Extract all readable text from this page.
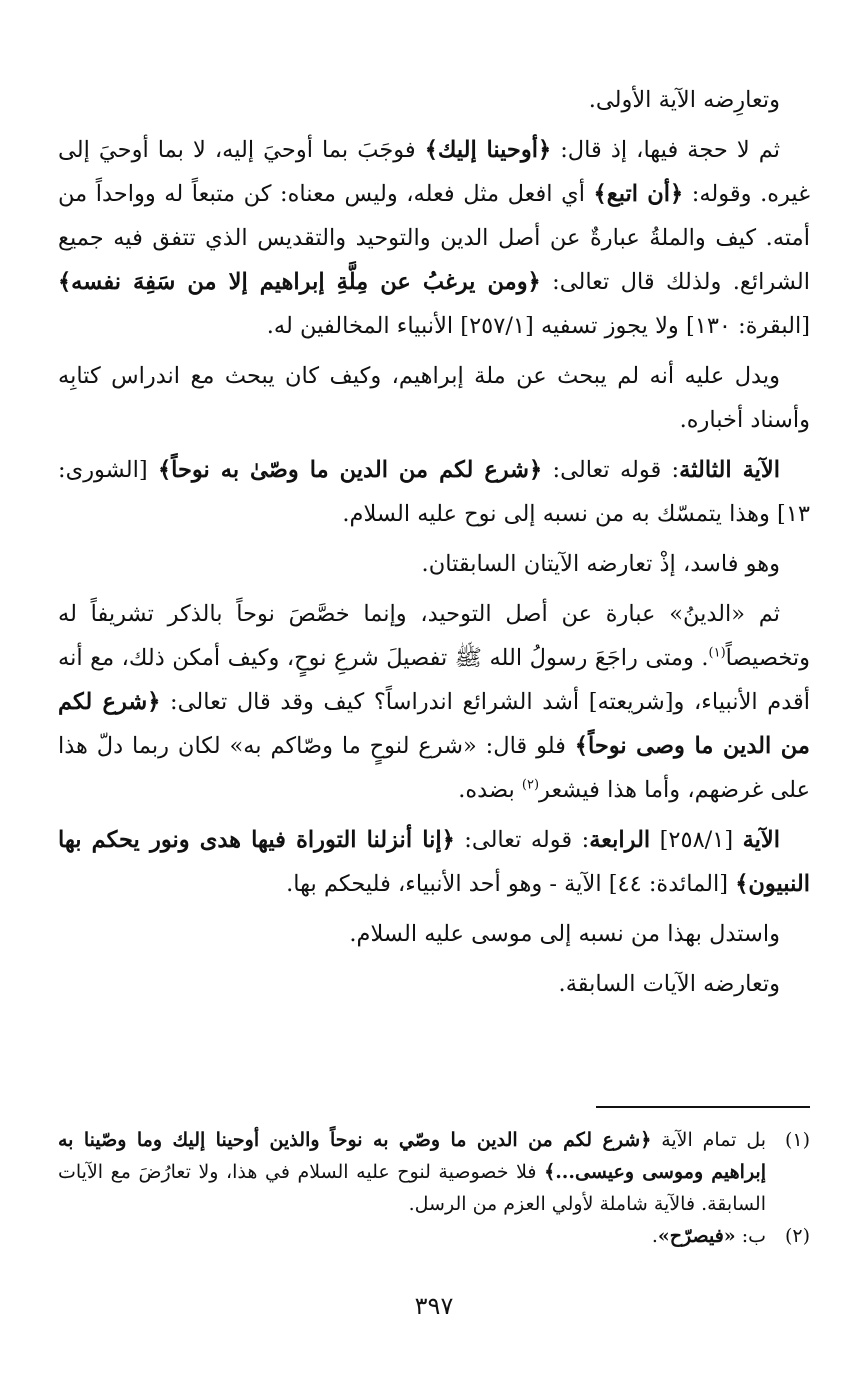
وتعارِضه الآية الأولى.

ثم لا حجة فيها، إذ قال: ﴿أوحينا إليك﴾ فوجَبَ بما أوحيَ إليه، لا بما أوحيَ إلى غيره. وقوله: ﴿أن اتبع﴾ أي افعل مثل فعله، وليس معناه: كن متبعاً له وواحداً من أمته. كيف والملةُ عبارةٌ عن أصل الدين والتوحيد والتقديس الذي تتفق فيه جميع الشرائع. ولذلك قال تعالى: ﴿ومن يرغبُ عن مِلَّةِ إبراهيم إلا من سَفِهَ نفسه﴾ [البقرة: ١٣٠] ولا يجوز تسفيه [٢٥٧/١] الأنبياء المخالفين له.

ويدل عليه أنه لم يبحث عن ملة إبراهيم، وكيف كان يبحث مع اندراس كتابِه وأسناد أخباره.

الآية الثالثة: قوله تعالى: ﴿شرع لكم من الدين ما وصّىٰ به نوحاً﴾ [الشورى: ١٣] وهذا يتمسّك به من نسبه إلى نوح عليه السلام.

وهو فاسد، إذْ تعارضه الآيتان السابقتان.

ثم «الدينُ» عبارة عن أصل التوحيد، وإنما خصَّصَ نوحاً بالذكر تشريفاً له وتخصيصاً$^{(١)}$. ومتى راجَعَ رسولُ الله ﷺ تفصيلَ شرعِ نوحٍ، وكيف أمكن ذلك، مع أنه أقدم الأنبياء، و[شريعته] أشد الشرائع اندراساً؟ كيف وقد قال تعالى: ﴿شرع لكم من الدين ما وصى نوحاً﴾ فلو قال: «شرع لنوحٍ ما وصّاكم به» لكان ربما دلّ هذا على غرضهم، وأما هذا فيشعر$^{(٢)}$ بضده.

الآية [٢٥٨/١] الرابعة: قوله تعالى: ﴿إنا أنزلنا التوراة فيها هدى ونور يحكم بها النبيون﴾ [المائدة: ٤٤] الآية - وهو أحد الأنبياء، فليحكم بها.

واستدل بهذا من نسبه إلى موسى عليه السلام.

وتعارضه الآيات السابقة.

(١)
بل تمام الآية ﴿شرع لكم من الدين ما وصّي به نوحاً والذين أوحينا إليك وما وصّينا به إبراهيم وموسى وعيسى...﴾ فلا خصوصية لنوح عليه السلام في هذا، ولا تعارُضَ مع الآيات السابقة. فالآية شاملة لأولي العزم من الرسل.
(٢)
ب: «فيصرّح».
٣٩٧
